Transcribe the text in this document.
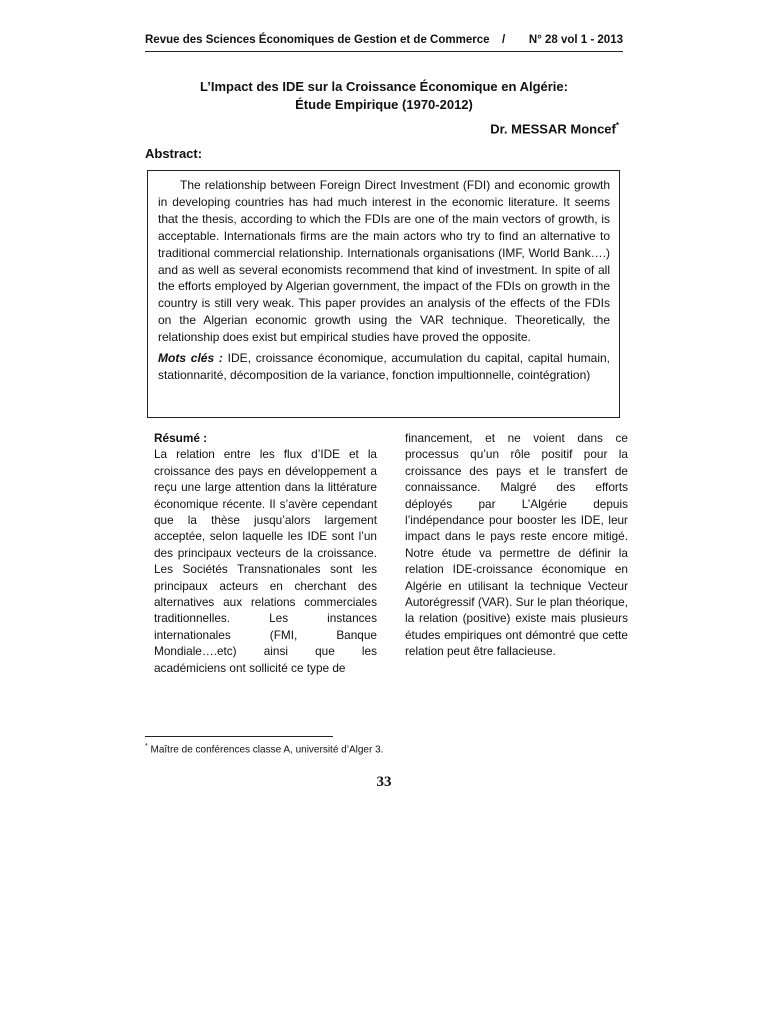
Revue des Sciences Économiques de Gestion et de Commerce / N° 28 vol 1 - 2013
L’Impact des IDE sur la Croissance Économique en Algérie:
Étude Empirique (1970-2012)
Dr. MESSAR Moncef*
Abstract:

The relationship between Foreign Direct Investment (FDI) and economic growth in developing countries has had much interest in the economic literature. It seems that the thesis, according to which the FDIs are one of the main vectors of growth, is acceptable. Internationals firms are the main actors who try to find an alternative to traditional commercial relationship. Internationals organisations (IMF, World Bank….) and as well as several economists recommend that kind of investment. In spite of all the efforts employed by Algerian government, the impact of the FDIs on growth in the country is still very weak. This paper provides an analysis of the effects of the FDIs on the Algerian economic growth using the VAR technique. Theoretically, the relationship does exist but empirical studies have proved the opposite.

Mots clés : IDE, croissance économique, accumulation du capital, capital humain, stationnarité, décomposition de la variance, fonction impultionnelle, cointégration)
Résumé :

La relation entre les flux d’IDE et la croissance des pays en développement a reçu une large attention dans la littérature économique récente. Il s’avère cependant que la thèse jusqu’alors largement acceptée, selon laquelle les IDE sont l’un des principaux vecteurs de la croissance. Les Sociétés Transnationales sont les principaux acteurs en cherchant des alternatives aux relations commerciales traditionnelles. Les instances internationales (FMI, Banque Mondiale….etc) ainsi que les académiciens ont sollicité ce type de

financement, et ne voient dans ce processus qu’un rôle positif pour la croissance des pays et le transfert de connaissance. Malgré des efforts déployés par L’Algérie depuis l’indépendance pour booster les IDE, leur impact dans le pays reste encore mitigé. Notre étude va permettre de définir la relation IDE-croissance économique en Algérie en utilisant la technique Vecteur Autorégressif (VAR). Sur le plan théorique, la relation (positive) existe mais plusieurs études empiriques ont démontré que cette relation peut être fallacieuse.

* Maître de conférences classe A, université d’Alger 3.
33
